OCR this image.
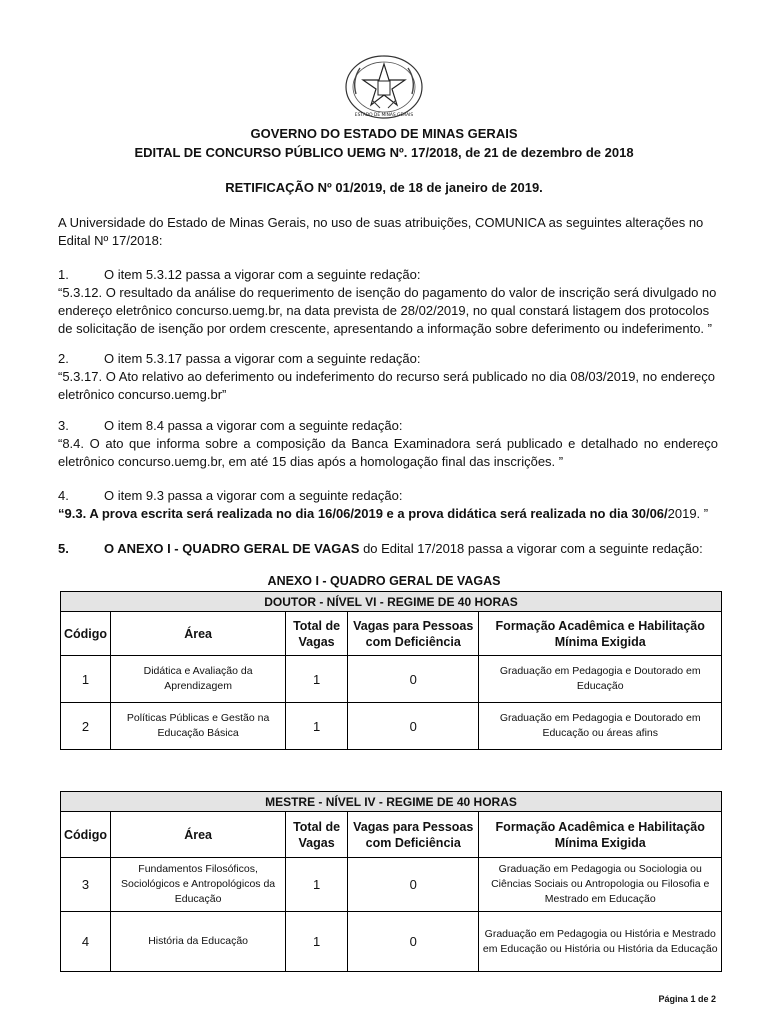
ESTADO DE MINAS GERAIS
GOVERNO DO ESTADO DE MINAS GERAIS
EDITAL DE CONCURSO PÚBLICO UEMG Nº. 17/2018, de 21 de dezembro de 2018
RETIFICAÇÃO Nº 01/2019, de 18 de janeiro de 2019.
A Universidade do Estado de Minas Gerais, no uso de suas atribuições, COMUNICA as seguintes alterações no Edital Nº 17/2018:
1.	O item 5.3.12 passa a vigorar com a seguinte redação:
“5.3.12. O resultado da análise do requerimento de isenção do pagamento do valor de inscrição será divulgado no endereço eletrônico concurso.uemg.br, na data prevista de 28/02/2019, no qual constará listagem dos protocolos de solicitação de isenção por ordem crescente, apresentando a informação sobre deferimento ou indeferimento. ”
2.	O item 5.3.17 passa a vigorar com a seguinte redação:
“5.3.17. O Ato relativo ao deferimento ou indeferimento do recurso será publicado no dia 08/03/2019, no endereço eletrônico concurso.uemg.br”
3.	O item 8.4 passa a vigorar com a seguinte redação:
“8.4. O ato que informa sobre a composição da Banca Examinadora será publicado e detalhado no endereço eletrônico concurso.uemg.br, em até 15 dias após a homologação final das inscrições. ”
4.	O item 9.3 passa a vigorar com a seguinte redação:
“9.3. A prova escrita será realizada no dia 16/06/2019 e a prova didática será realizada no dia 30/06/2019. ”
5.	O ANEXO I - QUADRO GERAL DE VAGAS do Edital 17/2018 passa a vigorar com a seguinte redação:
ANEXO I - QUADRO GERAL DE VAGAS
DOUTOR - NÍVEL VI - REGIME DE 40 HORAS				
Código	Área	Total de Vagas	Vagas para Pessoas com Deficiência	Formação Acadêmica e Habilitação Mínima Exigida
1	Didática e Avaliação da Aprendizagem	1	0	Graduação em Pedagogia e Doutorado em Educação
2	Políticas Públicas e Gestão na Educação Básica	1	0	Graduação em Pedagogia e Doutorado em Educação ou áreas afins
MESTRE - NÍVEL IV - REGIME DE 40 HORAS				
Código	Área	Total de Vagas	Vagas para Pessoas com Deficiência	Formação Acadêmica e Habilitação Mínima Exigida
3	Fundamentos Filosóficos, Sociológicos e Antropológicos da Educação	1	0	Graduação em Pedagogia ou Sociologia ou Ciências Sociais ou Antropologia ou Filosofia e Mestrado em Educação
4	História da Educação	1	0	Graduação em Pedagogia ou História e Mestrado em Educação ou História ou História da Educação
Página 1 de 2
